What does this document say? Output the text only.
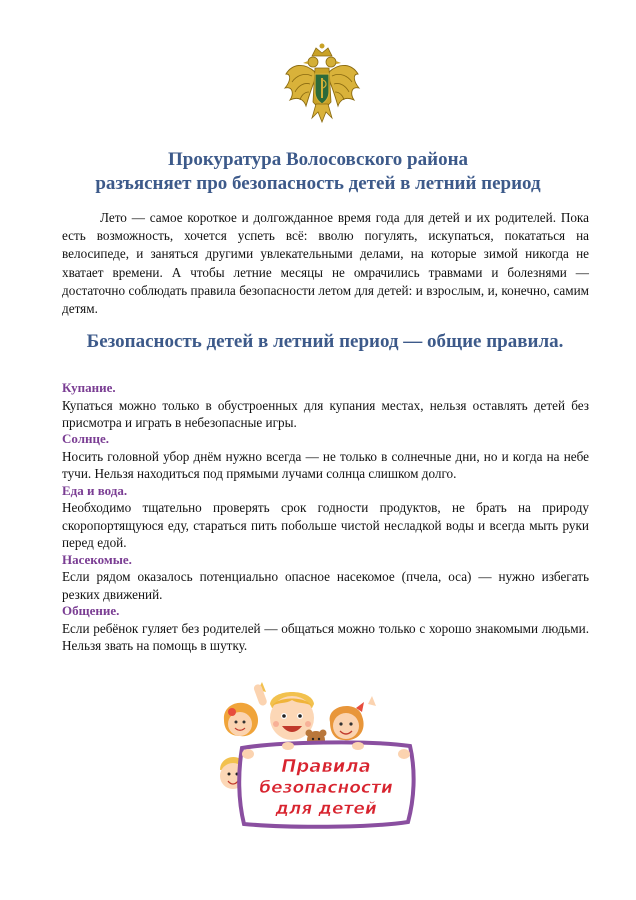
Прокуратура Волосовского района
разъясняет про безопасность детей в летний период

Лето — самое короткое и долгожданное время года для детей и их родителей. Пока есть возможность, хочется успеть всё: вволю погулять, искупаться, покататься на велосипеде, и заняться другими увлекательными делами, на которые зимой никогда не хватает времени. А чтобы летние месяцы не омрачились травмами и болезнями — достаточно соблюдать правила безопасности летом для детей: и взрослым, и, конечно, самим детям.

Безопасность детей в летний период — общие правила.

Купание.

Купаться можно только в обустроенных для купания местах, нельзя оставлять детей без присмотра и играть в небезопасные игры.

Солнце.

Носить головной убор днём нужно всегда — не только в солнечные дни, но и когда на небе тучи. Нельзя находиться под прямыми лучами солнца слишком долго.

Еда и вода.

Необходимо тщательно проверять срок годности продуктов, не брать на природу скоропортящуюся еду, стараться пить побольше чистой несладкой воды и всегда мыть руки перед едой.

Насекомые.

Если рядом оказалось потенциально опасное насекомое (пчела, оса) — нужно избегать резких движений.

Общение.

Если ребёнок гуляет без родителей — общаться можно только с хорошо знакомыми людьми. Нельзя звать на помощь в шутку.

Правила
безопасности
для детей
